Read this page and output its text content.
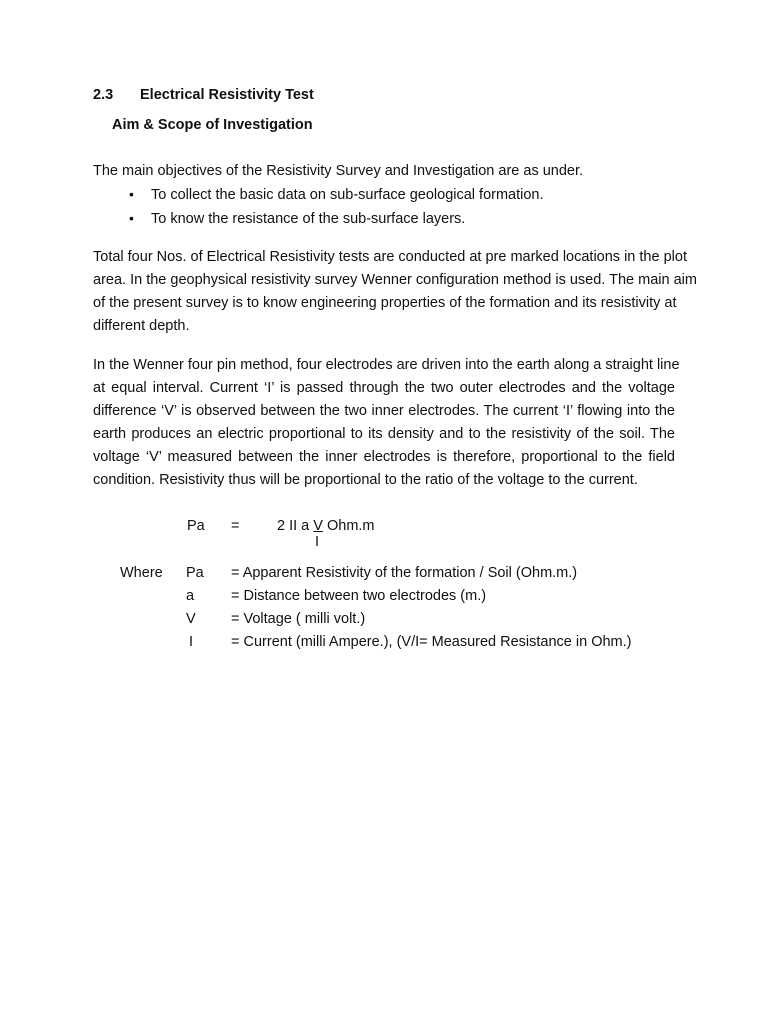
2.3 Electrical Resistivity Test
Aim & Scope of Investigation
The main objectives of the Resistivity Survey and Investigation are as under.
• To collect the basic data on sub-surface geological formation.
• To know the resistance of the sub-surface layers.
Total four Nos. of Electrical Resistivity tests are conducted at pre marked locations in the plot
area. In the geophysical resistivity survey Wenner configuration method is used. The main aim
of the present survey is to know engineering properties of the formation and its resistivity at
different depth.
In the Wenner four pin method, four electrodes are driven into the earth along a straight line
at equal interval. Current ‘I’ is passed through the two outer electrodes and the voltage
difference ‘V’ is observed between the two inner electrodes. The current ‘I’ flowing into the
earth produces an electric proportional to its density and to the resistivity of the soil. The
voltage ‘V’ measured between the inner electrodes is therefore, proportional to the field
condition. Resistivity thus will be proportional to the ratio of the voltage to the current.
Pa =	2 II a V Ohm.m
I
Where Pa = Apparent Resistivity of the formation / Soil (Ohm.m.)
a	= Distance between two electrodes (m.)
V = Voltage ( milli volt.)
I	= Current (milli Ampere.), (V/I= Measured Resistance in Ohm.)
